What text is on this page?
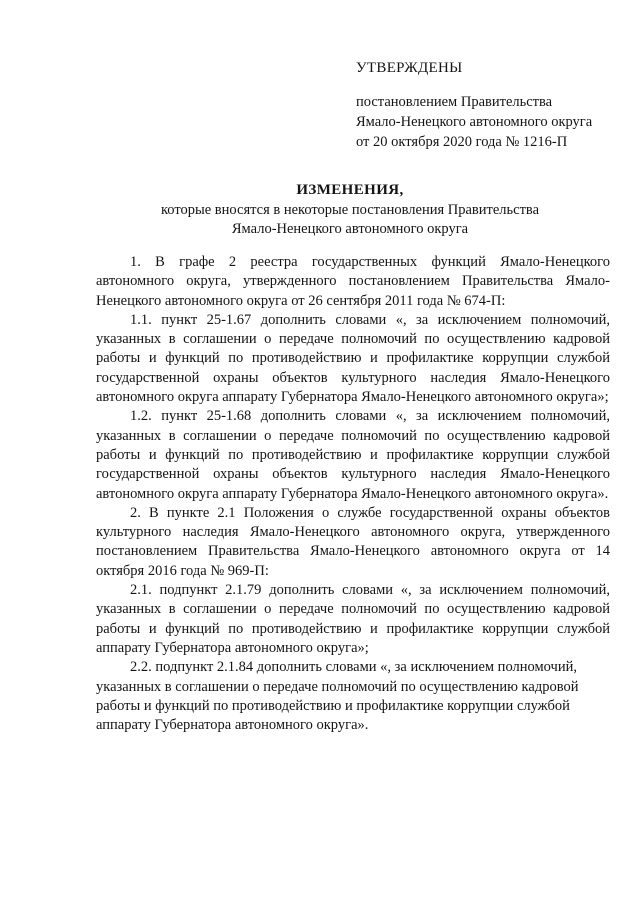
УТВЕРЖДЕНЫ
постановлением Правительства
Ямало-Ненецкого автономного округа
от 20 октября 2020 года № 1216-П
ИЗМЕНЕНИЯ,
которые вносятся в некоторые постановления Правительства
Ямало-Ненецкого автономного округа

1. В графе 2 реестра государственных функций Ямало-Ненецкого автономного округа, утвержденного постановлением Правительства Ямало-Ненецкого автономного округа от 26 сентября 2011 года № 674-П:

1.1. пункт 25-1.67 дополнить словами «, за исключением полномочий, указанных в соглашении о передаче полномочий по осуществлению кадровой работы и функций по противодействию и профилактике коррупции службой государственной охраны объектов культурного наследия Ямало-Ненецкого автономного округа аппарату Губернатора Ямало-Ненецкого автономного округа»;

1.2. пункт 25-1.68 дополнить словами «, за исключением полномочий, указанных в соглашении о передаче полномочий по осуществлению кадровой работы и функций по противодействию и профилактике коррупции службой государственной охраны объектов культурного наследия Ямало-Ненецкого автономного округа аппарату Губернатора Ямало-Ненецкого автономного округа».

2. В пункте 2.1 Положения о службе государственной охраны объектов культурного наследия Ямало-Ненецкого автономного округа, утвержденного постановлением Правительства Ямало-Ненецкого автономного округа от 14 октября 2016 года № 969-П:

2.1. подпункт 2.1.79 дополнить словами «, за исключением полномочий, указанных в соглашении о передаче полномочий по осуществлению кадровой работы и функций по противодействию и профилактике коррупции службой аппарату Губернатора автономного округа»;

2.2. подпункт 2.1.84 дополнить словами «, за исключением полномочий, указанных в соглашении о передаче полномочий по осуществлению кадровой работы и функций по противодействию и профилактике коррупции службой аппарату Губернатора автономного округа».
